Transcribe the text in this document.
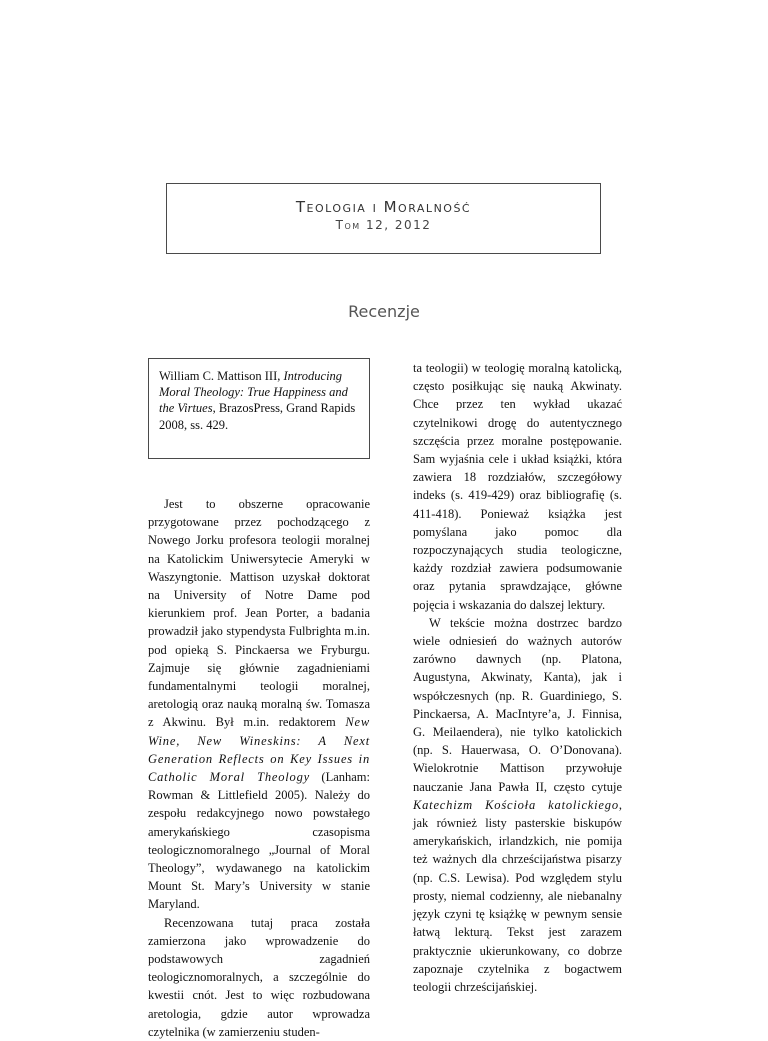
Teologia i Moralność
Tom 12, 2012
Recenzje
William C. Mattison III, Introducing Moral Theology: True Happiness and the Virtues, BrazosPress, Grand Rapids 2008, ss. 429.

Jest to obszerne opracowanie przygotowane przez pochodzącego z Nowego Jorku profesora teologii moralnej na Katolickim Uniwersytecie Ameryki w Waszyngtonie. Mattison uzyskał doktorat na University of Notre Dame pod kierunkiem prof. Jean Porter, a badania prowadził jako stypendysta Fulbrighta m.in. pod opieką S. Pinckaersa we Fryburgu. Zajmuje się głównie zagadnieniami fundamentalnymi teologii moralnej, aretologią oraz nauką moralną św. Tomasza z Akwinu. Był m.in. redaktorem New Wine, New Wineskins: A Next Generation Reflects on Key Issues in Catholic Moral Theology (Lanham: Rowman & Littlefield 2005). Należy do zespołu redakcyjnego nowo powstałego amerykańskiego czasopisma teologicznomoralnego „Journal of Moral Theology”, wydawanego na katolickim Mount St. Mary’s University w stanie Maryland.

Recenzowana tutaj praca została zamierzona jako wprowadzenie do podstawowych zagadnień teologicznomoralnych, a szczególnie do kwestii cnót. Jest to więc rozbudowana aretologia, gdzie autor wprowadza czytelnika (w zamierzeniu studen-

ta teologii) w teologię moralną katolicką, często posiłkując się nauką Akwinaty. Chce przez ten wykład ukazać czytelnikowi drogę do autentycznego szczęścia przez moralne postępowanie. Sam wyjaśnia cele i układ książki, która zawiera 18 rozdziałów, szczegółowy indeks (s. 419-429) oraz bibliografię (s. 411-418). Ponieważ książka jest pomyślana jako pomoc dla rozpoczynających studia teologiczne, każdy rozdział zawiera podsumowanie oraz pytania sprawdzające, główne pojęcia i wskazania do dalszej lektury.

W tekście można dostrzec bardzo wiele odniesień do ważnych autorów zarówno dawnych (np. Platona, Augustyna, Akwinaty, Kanta), jak i współczesnych (np. R. Guardiniego, S. Pinckaersa, A. MacIntyre’a, J. Finnisa, G. Meilaendera), nie tylko katolickich (np. S. Hauerwasa, O. O’Donovana). Wielokrotnie Mattison przywołuje nauczanie Jana Pawła II, często cytuje Katechizm Kościoła katolickiego, jak również listy pasterskie biskupów amerykańskich, irlandzkich, nie pomija też ważnych dla chrześcijaństwa pisarzy (np. C.S. Lewisa). Pod względem stylu prosty, niemal codzienny, ale niebanalny język czyni tę książkę w pewnym sensie łatwą lekturą. Tekst jest zarazem praktycznie ukierunkowany, co dobrze zapoznaje czytelnika z bogactwem teologii chrześcijańskiej.
